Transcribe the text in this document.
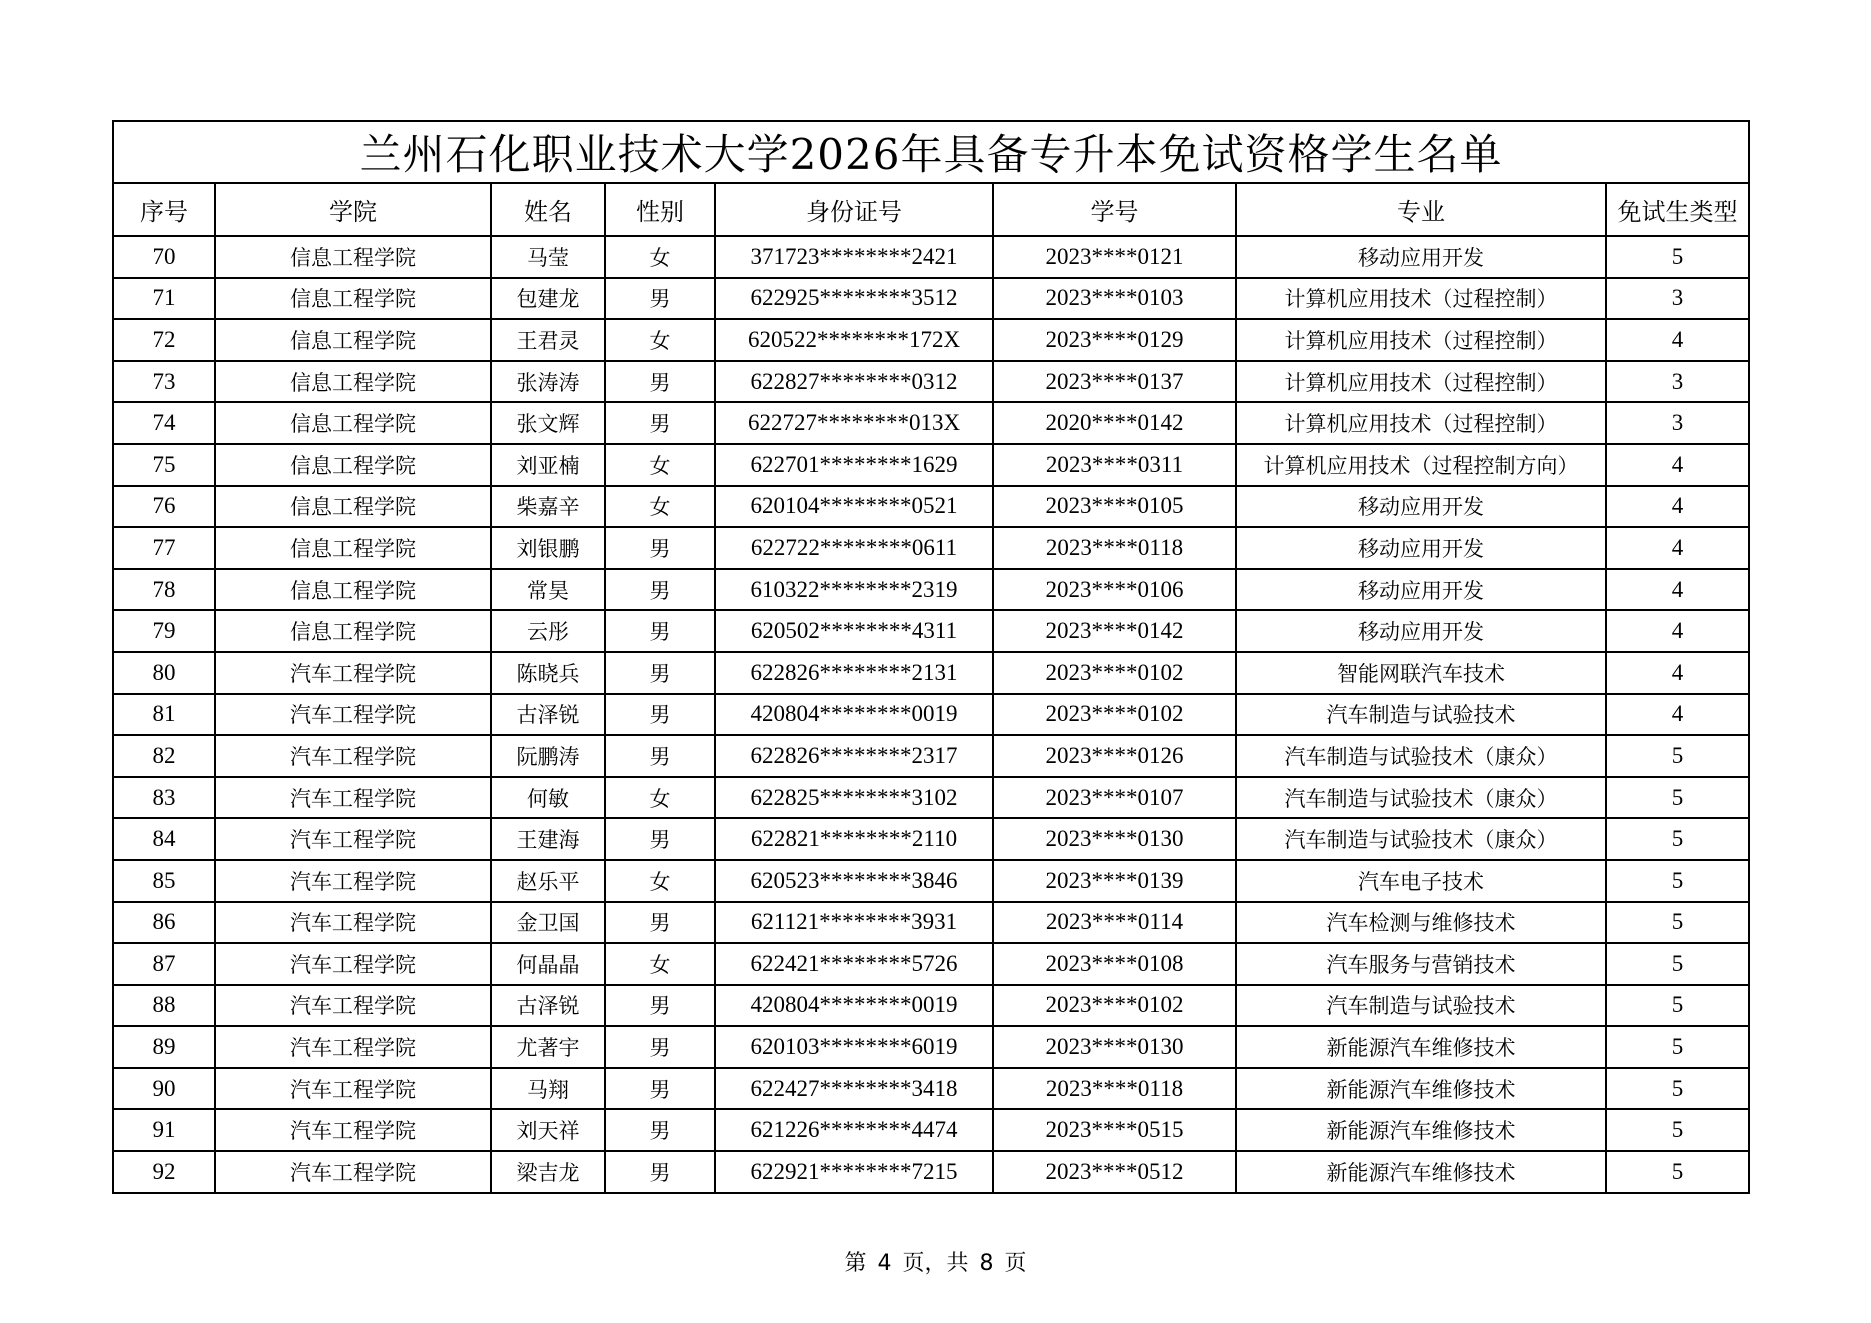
兰州石化职业技术大学2026年具备专升本免试资格学生名单							
序号	学院	姓名	性别	身份证号	学号	专业	免试生类型
70	信息工程学院	马莹	女	371723********2421	2023****0121	移动应用开发	5
71	信息工程学院	包建龙	男	622925********3512	2023****0103	计算机应用技术（过程控制）	3
72	信息工程学院	王君灵	女	620522********172X	2023****0129	计算机应用技术（过程控制）	4
73	信息工程学院	张涛涛	男	622827********0312	2023****0137	计算机应用技术（过程控制）	3
74	信息工程学院	张文辉	男	622727********013X	2020****0142	计算机应用技术（过程控制）	3
75	信息工程学院	刘亚楠	女	622701********1629	2023****0311	计算机应用技术（过程控制方向）	4
76	信息工程学院	柴嘉辛	女	620104********0521	2023****0105	移动应用开发	4
77	信息工程学院	刘银鹏	男	622722********0611	2023****0118	移动应用开发	4
78	信息工程学院	常昊	男	610322********2319	2023****0106	移动应用开发	4
79	信息工程学院	云彤	男	620502********4311	2023****0142	移动应用开发	4
80	汽车工程学院	陈晓兵	男	622826********2131	2023****0102	智能网联汽车技术	4
81	汽车工程学院	古泽锐	男	420804********0019	2023****0102	汽车制造与试验技术	4
82	汽车工程学院	阮鹏涛	男	622826********2317	2023****0126	汽车制造与试验技术（康众）	5
83	汽车工程学院	何敏	女	622825********3102	2023****0107	汽车制造与试验技术（康众）	5
84	汽车工程学院	王建海	男	622821********2110	2023****0130	汽车制造与试验技术（康众）	5
85	汽车工程学院	赵乐平	女	620523********3846	2023****0139	汽车电子技术	5
86	汽车工程学院	金卫国	男	621121********3931	2023****0114	汽车检测与维修技术	5
87	汽车工程学院	何晶晶	女	622421********5726	2023****0108	汽车服务与营销技术	5
88	汽车工程学院	古泽锐	男	420804********0019	2023****0102	汽车制造与试验技术	5
89	汽车工程学院	尤著宇	男	620103********6019	2023****0130	新能源汽车维修技术	5
90	汽车工程学院	马翔	男	622427********3418	2023****0118	新能源汽车维修技术	5
91	汽车工程学院	刘天祥	男	621226********4474	2023****0515	新能源汽车维修技术	5
92	汽车工程学院	梁吉龙	男	622921********7215	2023****0512	新能源汽车维修技术	5
第 4 页，共 8 页
